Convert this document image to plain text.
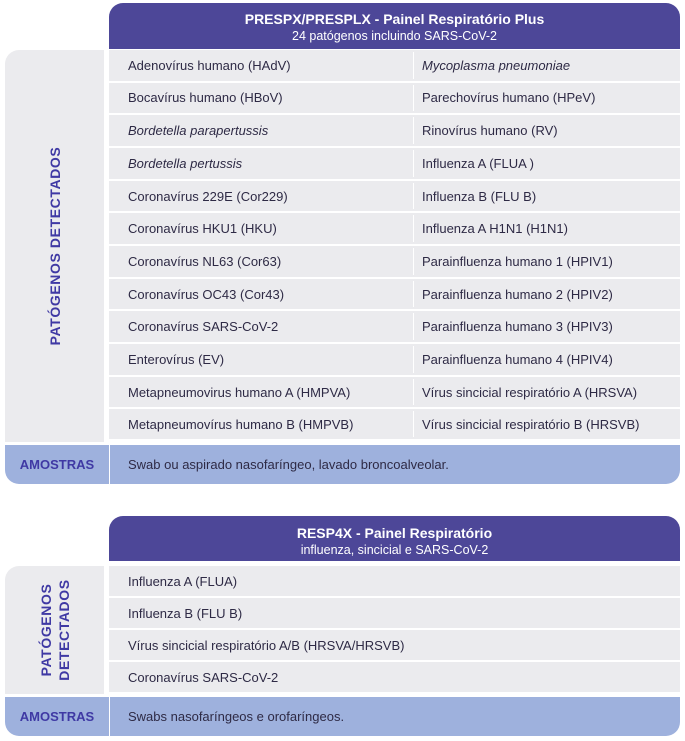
PRESPX/PRESPLX - Painel Respiratório Plus
24 patógenos incluindo SARS-CoV-2
PATÓGENOS DETECTADOS
Adenovírus humano (HAdV)	Mycoplasma pneumoniae
Bocavírus humano (HBoV)	Parechovírus humano (HPeV)
Bordetella parapertussis	Rinovírus humano (RV)
Bordetella pertussis	Influenza A (FLUA )
Coronavírus 229E (Cor229)	Influenza B (FLU B)
Coronavírus HKU1 (HKU)	Influenza A H1N1 (H1N1)
Coronavírus NL63 (Cor63)	Parainfluenza humano 1 (HPIV1)
Coronavírus OC43 (Cor43)	Parainfluenza humano 2 (HPIV2)
Coronavírus SARS-CoV-2	Parainfluenza humano 3 (HPIV3)
Enterovírus (EV)	Parainfluenza humano 4 (HPIV4)
Metapneumovirus humano A (HMPVA)	Vírus sincicial respiratório A (HRSVA)
Metapneumovírus humano B (HMPVB)	Vírus sincicial respiratório B (HRSVB)
AMOSTRAS	Swab ou aspirado nasofaríngeo, lavado broncoalveolar.
RESP4X - Painel Respiratório
influenza, sincicial e SARS-CoV-2
PATÓGENOS DETECTADOS	Influenza A (FLUA)
Influenza B (FLU B)
Vírus sincicial respiratório A/B (HRSVA/HRSVB)
Coronavírus SARS-CoV-2
AMOSTRAS	Swabs nasofaríngeos e orofaríngeos.
